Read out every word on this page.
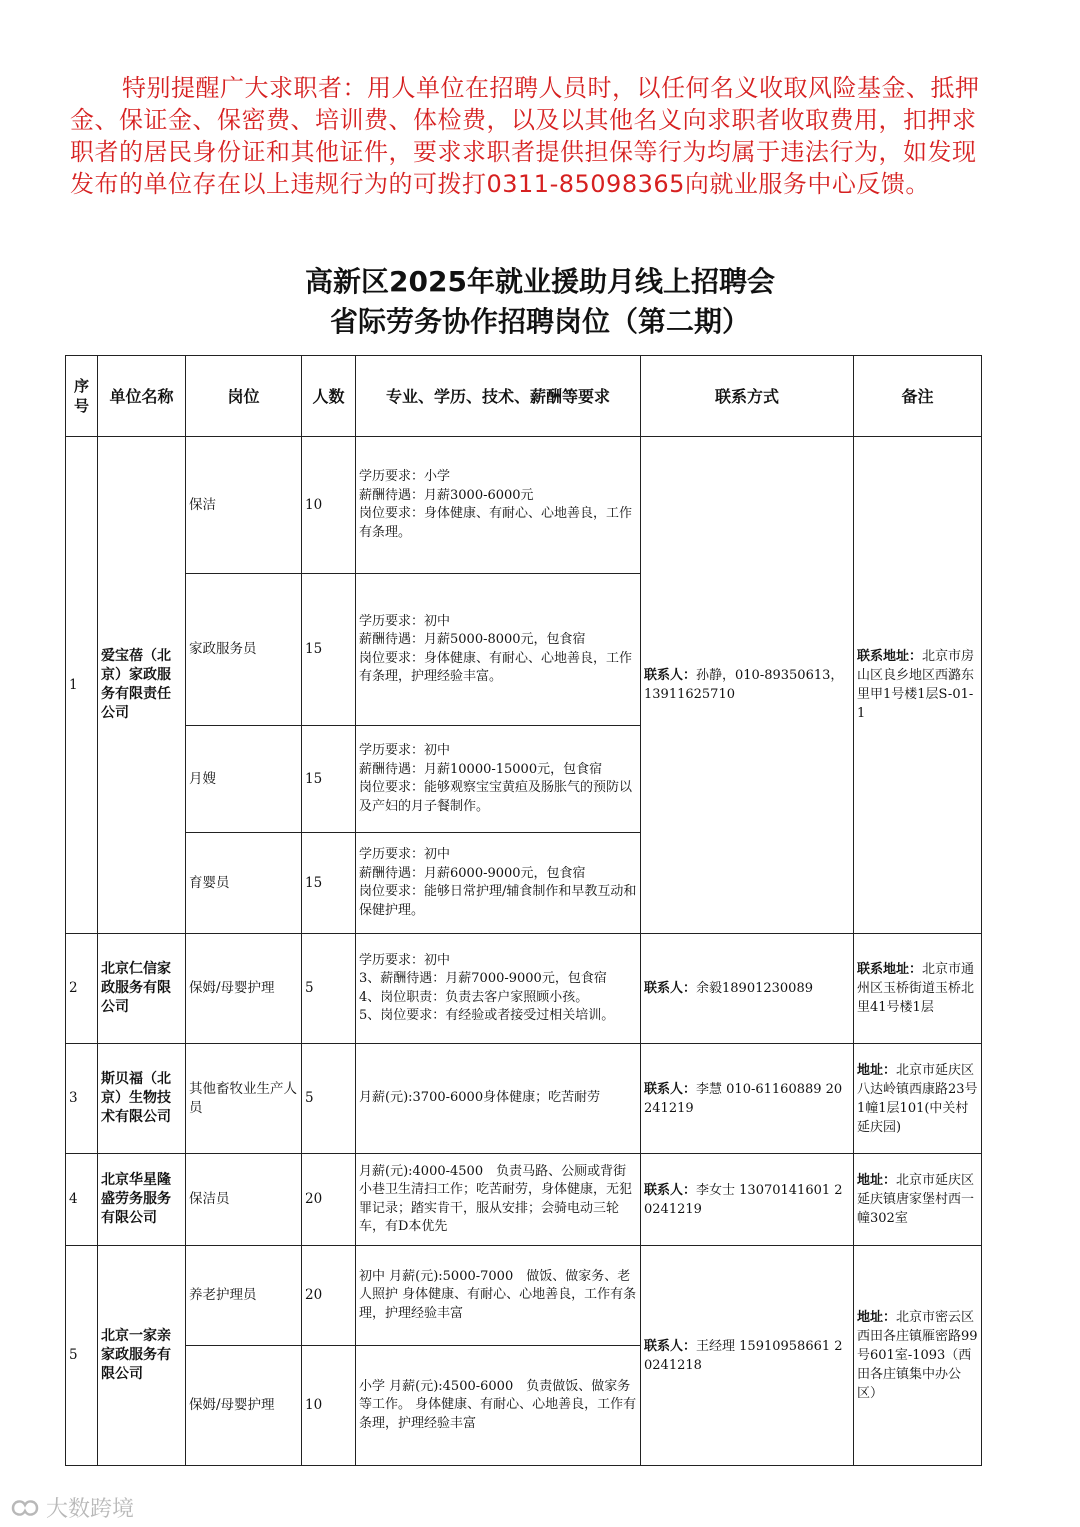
特别提醒广大求职者：用人单位在招聘人员时，以任何名义收取风险基金、抵押金、保证金、保密费、培训费、体检费，以及以其他名义向求职者收取费用，扣押求职者的居民身份证和其他证件，要求求职者提供担保等行为均属于违法行为，如发现发布的单位存在以上违规行为的可拨打0311-85098365向就业服务中心反馈。
高新区2025年就业援助月线上招聘会
省际劳务协作招聘岗位（第二期）
序号	单位名称	岗位	人数	专业、学历、技术、薪酬等要求	联系方式	备注
1	爱宝蓓（北京）家政服务有限责任公司	保洁	10	学历要求：小学
薪酬待遇：月薪3000-6000元
岗位要求：身体健康、有耐心、心地善良，工作有条理。	联系人：孙静，010-89350613，13911625710	联系地址：北京市房山区良乡地区西潞东里甲1号楼1层S-01-1
		家政服务员	15	学历要求：初中
薪酬待遇：月薪5000-8000元，包食宿
岗位要求：身体健康、有耐心、心地善良，工作有条理，护理经验丰富。		
		月嫂	15	学历要求：初中
薪酬待遇：月薪10000-15000元，包食宿
岗位要求：能够观察宝宝黄疸及肠胀气的预防以及产妇的月子餐制作。		
		育婴员	15	学历要求：初中
薪酬待遇：月薪6000-9000元，包食宿
岗位要求：能够日常护理/辅食制作和早教互动和保健护理。		
2	北京仁信家政服务有限公司	保姆/母婴护理	5	学历要求：初中
3、薪酬待遇：月薪7000-9000元，包食宿
4、岗位职责：负责去客户家照顾小孩。
5、岗位要求：有经验或者接受过相关培训。	联系人：余毅18901230089	联系地址：北京市通州区玉桥街道玉桥北里41号楼1层
3	斯贝福（北京）生物技术有限公司	其他畜牧业生产人员	5	月薪(元):3700-6000身体健康；吃苦耐劳	联系人：李慧 010-61160889 20241219	地址：北京市延庆区八达岭镇西康路23号1幢1层101(中关村延庆园)
4	北京华星隆盛劳务服务有限公司	保洁员	20	月薪(元):4000-4500　负责马路、公厕或背街小巷卫生清扫工作；吃苦耐劳，身体健康，无犯罪记录；踏实肯干，服从安排；会骑电动三轮车，有D本优先	联系人：李女士 13070141601 20241219	地址：北京市延庆区延庆镇唐家堡村西一幢302室
5	北京一家亲家政服务有限公司	养老护理员	20	初中 月薪(元):5000-7000　做饭、做家务、老人照护 身体健康、有耐心、心地善良，工作有条理，护理经验丰富	联系人：王经理 15910958661 20241218	地址：北京市密云区西田各庄镇雁密路99号601室-1093（西田各庄镇集中办公区）
		保姆/母婴护理	10	小学 月薪(元):4500-6000　负责做饭、做家务等工作。 身体健康、有耐心、心地善良，工作有条理，护理经验丰富		
大数跨境
